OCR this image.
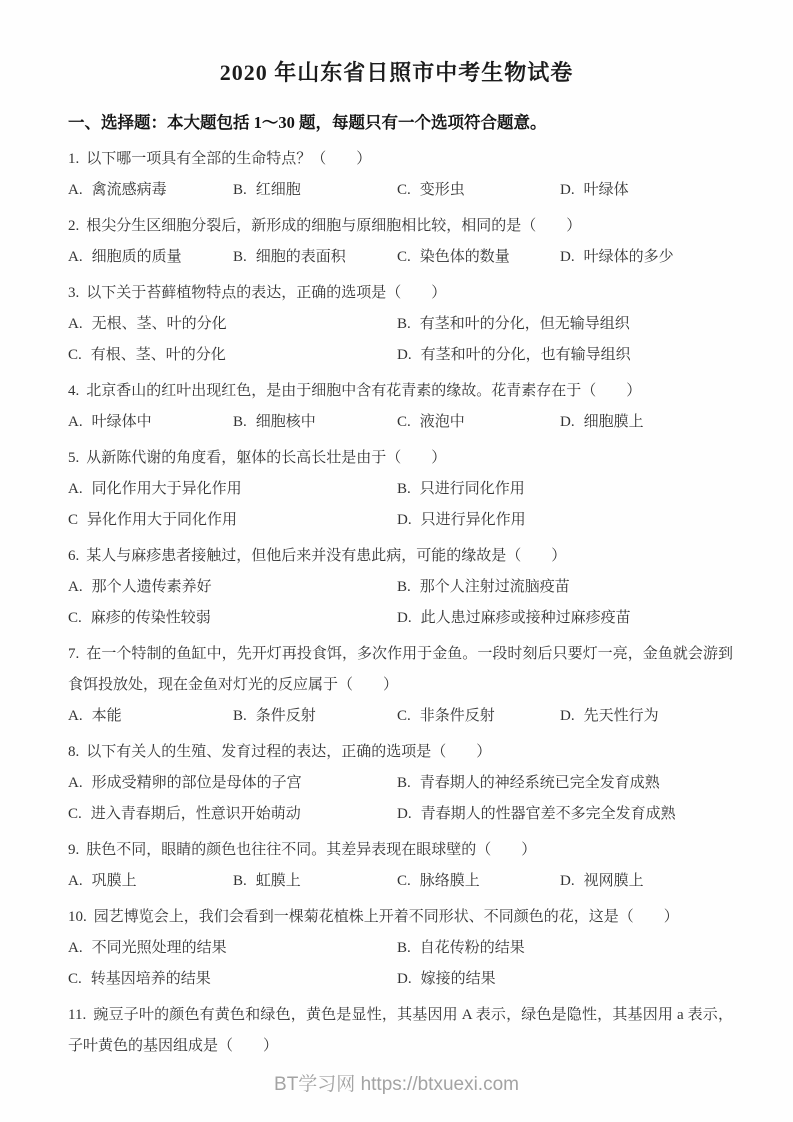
2020 年山东省日照市中考生物试卷
一、选择题：本大题包括 1～30 题，每题只有一个选项符合题意。
1. 以下哪一项具有全部的生命特点？（　　）
A. 禽流感病毒	B. 红细胞	C. 变形虫	D. 叶绿体
2. 根尖分生区细胞分裂后，新形成的细胞与原细胞相比较，相同的是（　　）
A. 细胞质的质量	B. 细胞的表面积	C. 染色体的数量	D. 叶绿体的多少
3. 以下关于苔藓植物特点的表达，正确的选项是（　　）
A. 无根、茎、叶的分化	B. 有茎和叶的分化，但无输导组织
C. 有根、茎、叶的分化	D. 有茎和叶的分化，也有输导组织
4. 北京香山的红叶出现红色，是由于细胞中含有花青素的缘故。花青素存在于（　　）
A. 叶绿体中	B. 细胞核中	C. 液泡中	D. 细胞膜上
5. 从新陈代谢的角度看，躯体的长高长壮是由于（　　）
A. 同化作用大于异化作用	B. 只进行同化作用
C 异化作用大于同化作用	D. 只进行异化作用
6. 某人与麻疹患者接触过，但他后来并没有患此病，可能的缘故是（　　）
A. 那个人遗传素养好	B. 那个人注射过流脑疫苗
C. 麻疹的传染性较弱	D. 此人患过麻疹或接种过麻疹疫苗
7. 在一个特制的鱼缸中，先开灯再投食饵，多次作用于金鱼。一段时刻后只要灯一亮，金鱼就会游到食饵投放处，现在金鱼对灯光的反应属于（　　）
A. 本能	B. 条件反射	C. 非条件反射	D. 先天性行为
8. 以下有关人的生殖、发育过程的表达，正确的选项是（　　）
A. 形成受精卵的部位是母体的子宫	B. 青春期人的神经系统已完全发育成熟
C. 进入青春期后，性意识开始萌动	D. 青春期人的性器官差不多完全发育成熟
9. 肤色不同，眼睛的颜色也往往不同。其差异表现在眼球壁的（　　）
A. 巩膜上	B. 虹膜上	C. 脉络膜上	D. 视网膜上
10. 园艺博览会上，我们会看到一棵菊花植株上开着不同形状、不同颜色的花，这是（　　）
A. 不同光照处理的结果	B. 自花传粉的结果
C. 转基因培养的结果	D. 嫁接的结果
11. 豌豆子叶的颜色有黄色和绿色，黄色是显性，其基因用 A 表示，绿色是隐性，其基因用 a 表示，子叶黄色的基因组成是（　　）
BT学习网 https://btxuexi.com
